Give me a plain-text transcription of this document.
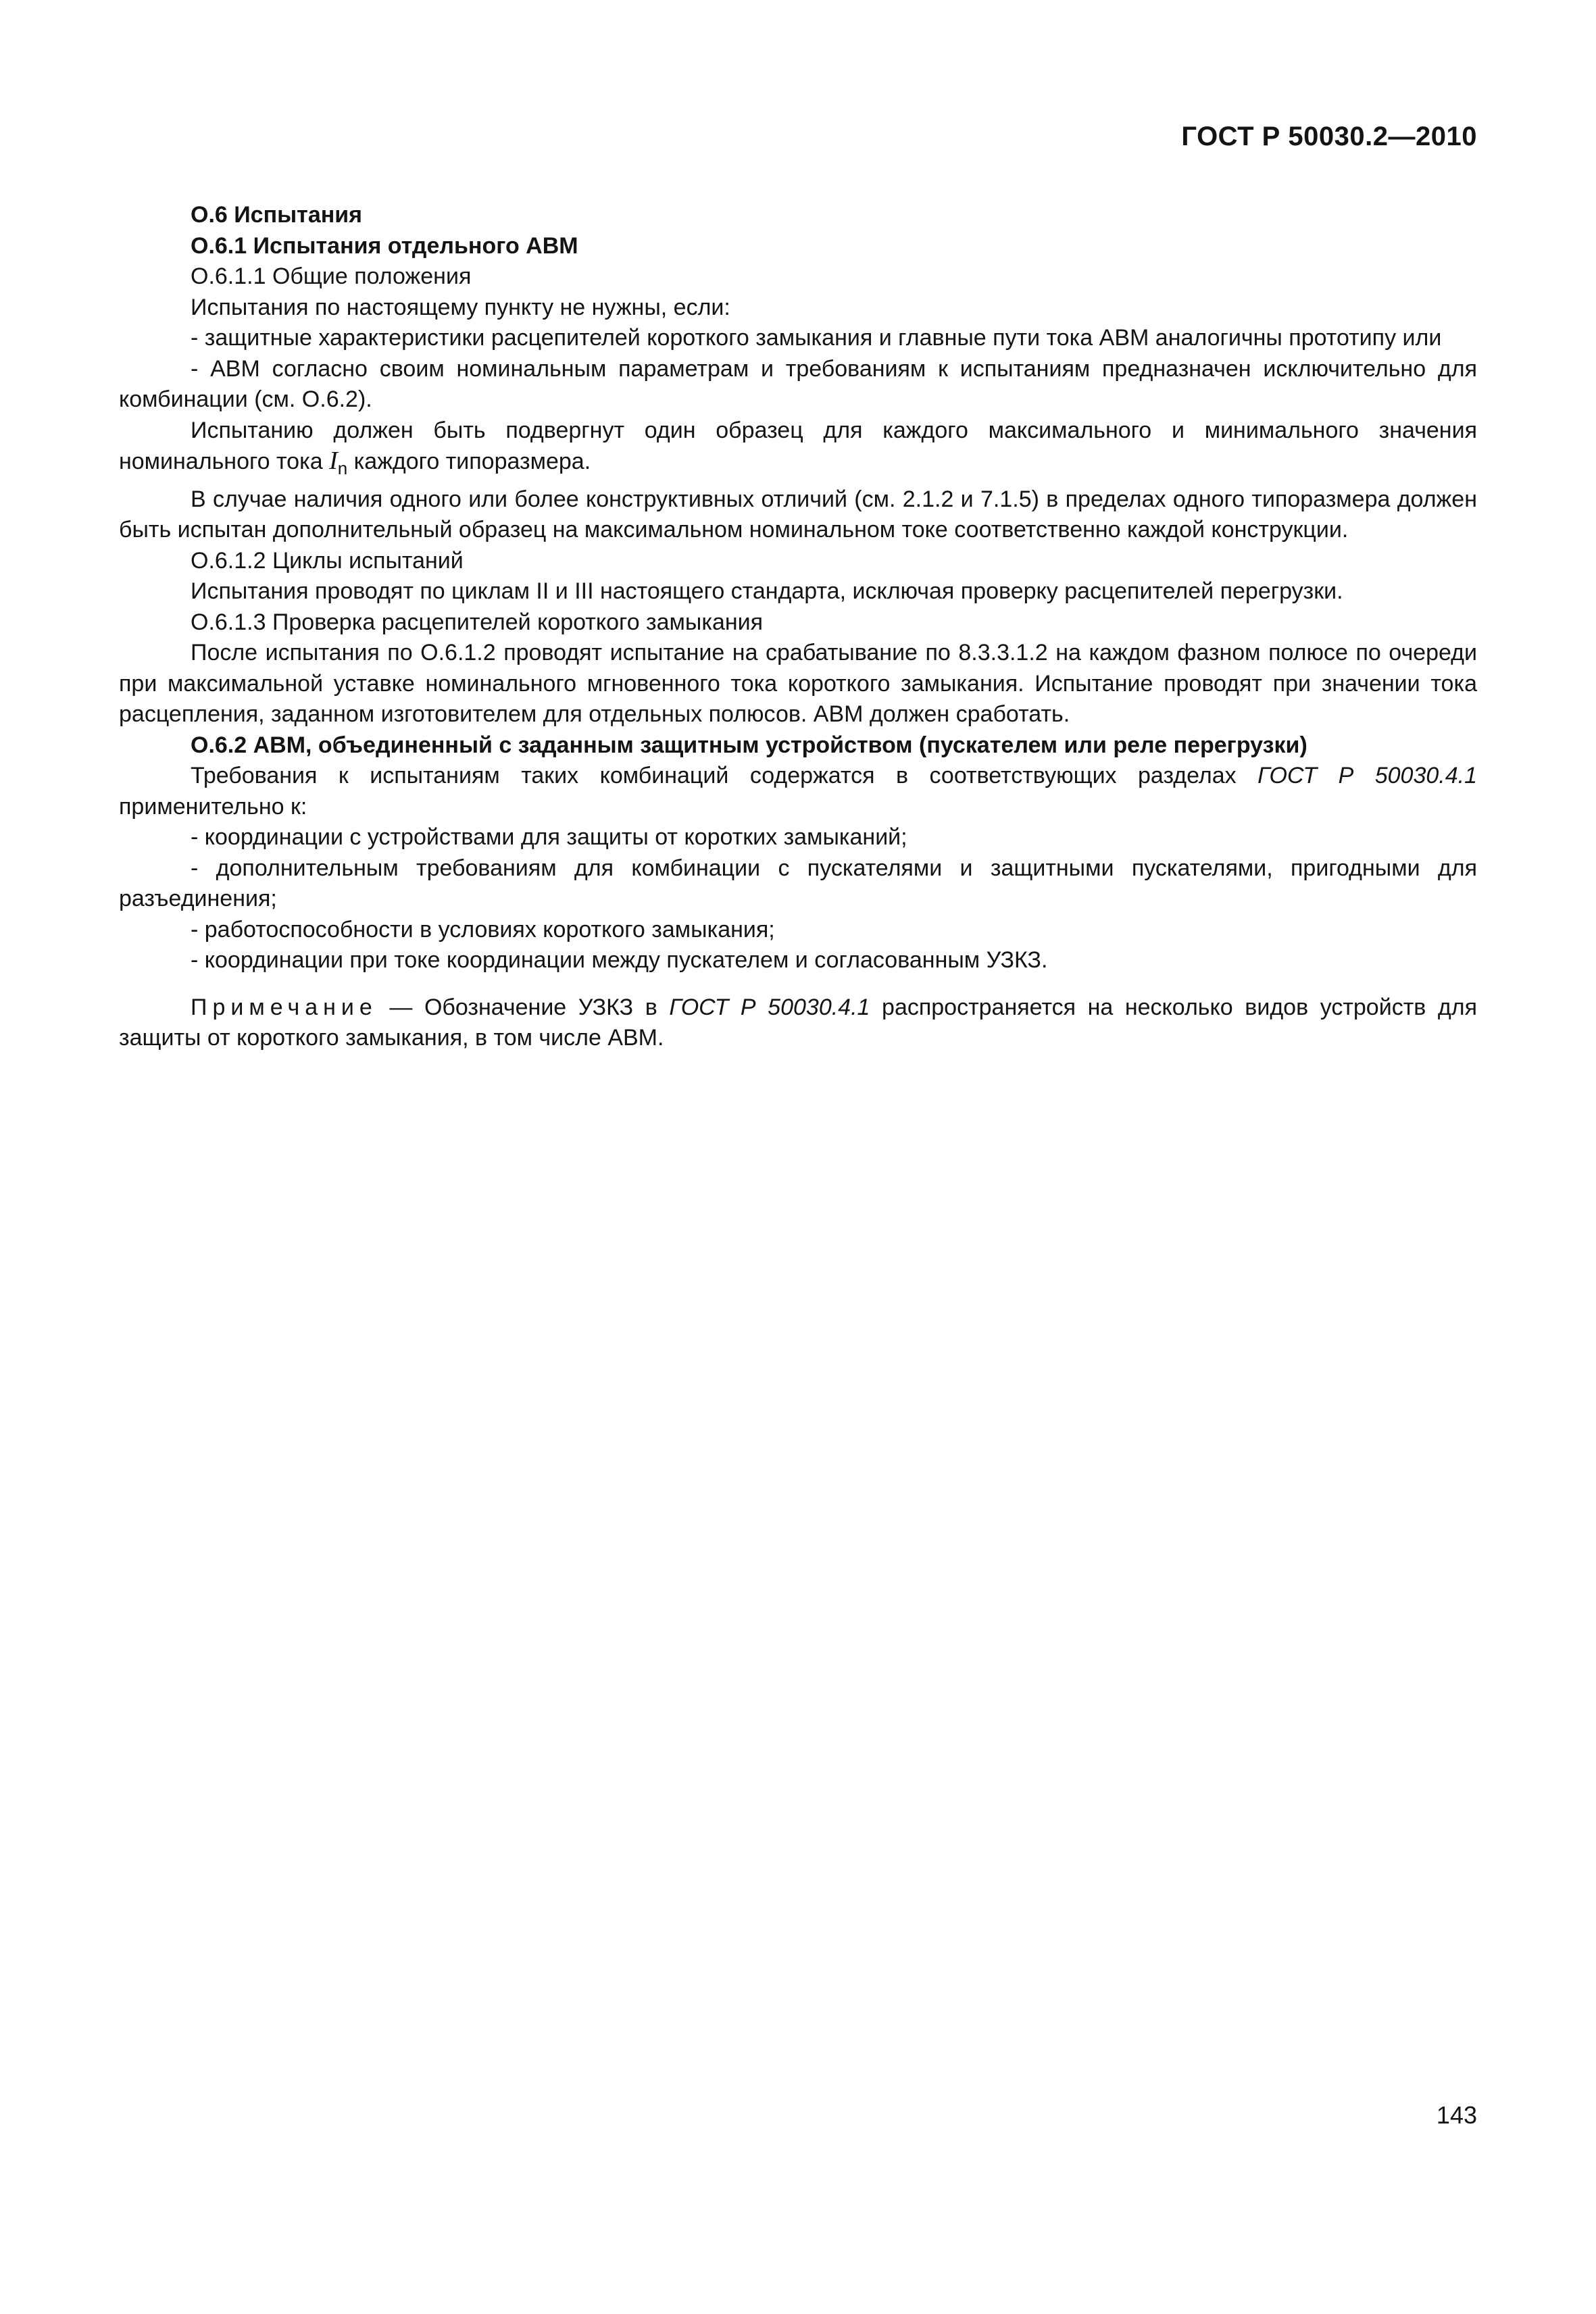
ГОСТ Р 50030.2—2010

О.6 Испытания

О.6.1 Испытания отдельного АВМ

О.6.1.1 Общие положения

Испытания по настоящему пункту не нужны, если:

- защитные характеристики расцепителей короткого замыкания и главные пути тока АВМ аналогичны прототипу или

- АВМ согласно своим номинальным параметрам и требованиям к испытаниям предназначен исключительно для комбинации (см. О.6.2).

Испытанию должен быть подвергнут один образец для каждого максимального и минимального значения номинального тока $I_n$ каждого типоразмера.

В случае наличия одного или более конструктивных отличий (см. 2.1.2 и 7.1.5) в пределах одного типоразмера должен быть испытан дополнительный образец на максимальном номинальном токе соответственно каждой конструкции.

О.6.1.2 Циклы испытаний

Испытания проводят по циклам II и III настоящего стандарта, исключая проверку расцепителей перегрузки.

О.6.1.3 Проверка расцепителей короткого замыкания

После испытания по О.6.1.2 проводят испытание на срабатывание по 8.3.3.1.2 на каждом фазном полюсе по очереди при максимальной уставке номинального мгновенного тока короткого замыкания. Испытание проводят при значении тока расцепления, заданном изготовителем для отдельных полюсов. АВМ должен сработать.

О.6.2 АВМ, объединенный с заданным защитным устройством (пускателем или реле перегрузки)

Требования к испытаниям таких комбинаций содержатся в соответствующих разделах ГОСТ Р 50030.4.1 применительно к:

- координации с устройствами для защиты от коротких замыканий;

- дополнительным требованиям для комбинации с пускателями и защитными пускателями, пригодными для разъединения;

- работоспособности в условиях короткого замыкания;

- координации при токе координации между пускателем и согласованным УЗКЗ.

Примечание — Обозначение УЗКЗ в ГОСТ Р 50030.4.1 распространяется на несколько видов устройств для защиты от короткого замыкания, в том числе АВМ.

143
